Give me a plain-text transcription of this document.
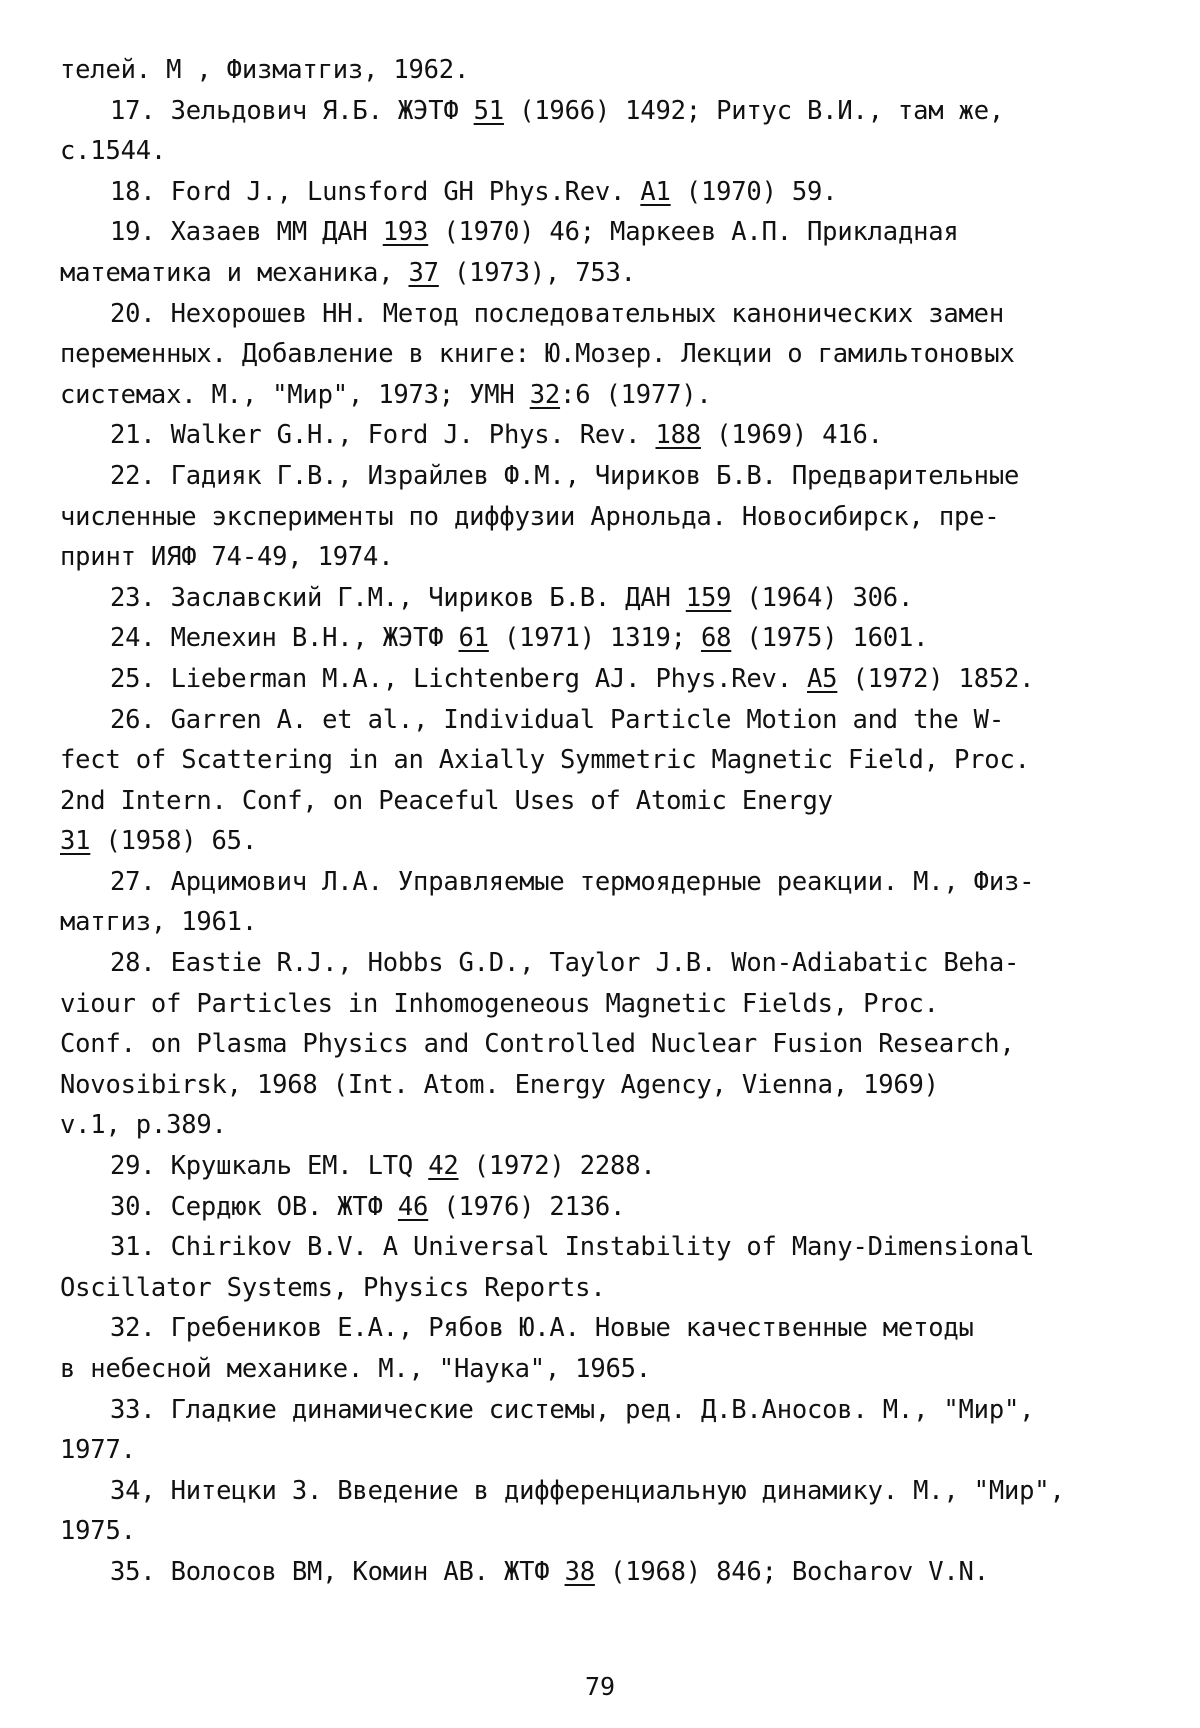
телей. М , Физматгиз, 1962.
17. Зельдович Я.Б. ЖЭТФ 51 (1966) 1492; Ритус В.И., там же,
с.1544.
18. Ford J., Lunsford GH Phys.Rev. A1 (1970) 59.
19. Хазаев ММ ДАН 193 (1970) 46; Маркеев А.П. Прикладная
математика и механика, 37 (1973), 753.
20. Нехорошев НН. Метод последовательных канонических замен
переменных. Добавление в книге: Ю.Мозер. Лекции о гамильтоновых
системах. М., "Мир", 1973; УМН 32:6 (1977).
21. Walker G.H., Ford J. Phys. Rev. 188 (1969) 416.
22. Гадияк Г.В., Израйлев Ф.М., Чириков Б.В. Предварительные
численные эксперименты по диффузии Арнольда. Новосибирск, пре-
принт ИЯФ 74-49, 1974.
23. Заславский Г.М., Чириков Б.В. ДАН 159 (1964) 306.
24. Мелехин В.Н., ЖЭТФ 61 (1971) 1319; 68 (1975) 1601.
25. Lieberman M.A., Lichtenberg AJ. Phys.Rev. A5 (1972) 1852.
26. Garren A. et al., Individual Particle Motion and the W-
fect of Scattering in an Axially Symmetric Magnetic Field, Proc.
2nd Intern. Conf, on Peaceful Uses of Atomic Energy
31 (1958) 65.
27. Арцимович Л.А. Управляемые термоядерные реакции. М., Физ-
матгиз, 1961.
28. Eastie R.J., Hobbs G.D., Taylor J.B. Won-Adiabatic Beha-
viour of Particles in Inhomogeneous Magnetic Fields, Proc.
Conf. on Plasma Physics and Controlled Nuclear Fusion Research,
Novosibirsk, 1968 (Int. Atom. Energy Agency, Vienna, 1969)
v.1, p.389.
29. Крушкаль ЕМ. LTQ 42 (1972) 2288.
30. Сердюк ОВ. ЖТФ 46 (1976) 2136.
31. Chirikov B.V. A Universal Instability of Many-Dimensional
Oscillator Systems, Physics Reports.
32. Гребеников Е.А., Рябов Ю.А. Новые качественные методы
в небесной механике. М., "Наука", 1965.
33. Гладкие динамические системы, ред. Д.В.Аносов. М., "Мир",
1977.
34, Нитецки З. Введение в дифференциальную динамику. М., "Мир",
1975.
35. Волосов ВМ, Комин АВ. ЖТФ 38 (1968) 846; Bocharov V.N.
79
